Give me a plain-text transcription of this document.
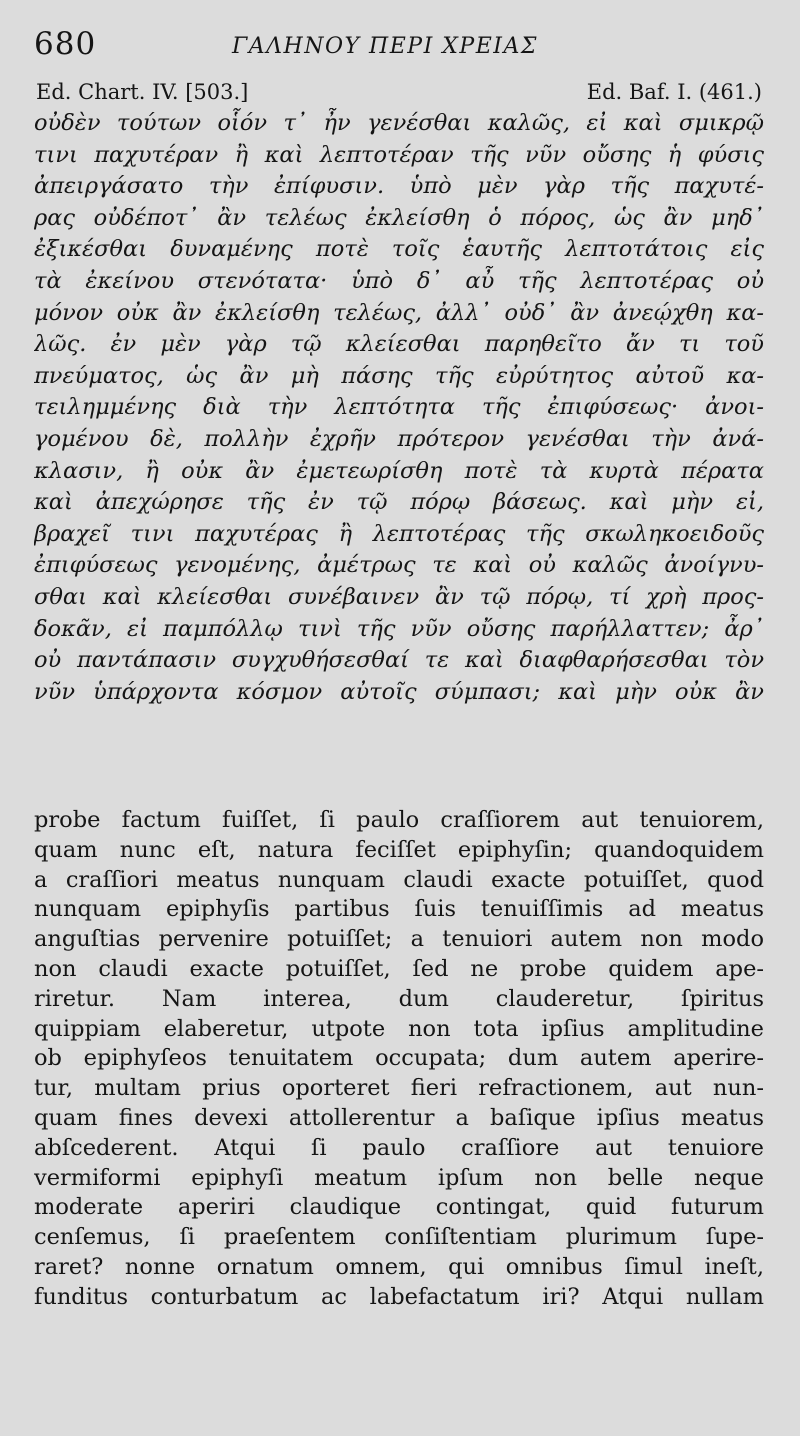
680	ΓΑΛΗΝΟΥ ΠΕΡΙ ΧΡΕΙΑΣ
Ed. Chart. IV. [503.]	Ed. Baf. I. (461.)
οὐδὲν τούτων οἷόν τ᾽ ἦν γενέσθαι καλῶς, εἰ καὶ σμικρῷ
τινι παχυτέραν ἢ καὶ λεπτοτέραν τῆς νῦν οὔσης ἡ φύσις
ἀπειργάσατο τὴν ἐπίφυσιν. ὑπὸ μὲν γὰρ τῆς παχυτέ-
ρας οὐδέποτ᾽ ἂν τελέως ἐκλείσθη ὁ πόρος, ὡς ἂν μηδ᾽
ἐξικέσθαι δυναμένης ποτὲ τοῖς ἑαυτῆς λεπτοτάτοις εἰς
τὰ ἐκείνου στενότατα· ὑπὸ δ᾽ αὖ τῆς λεπτοτέρας οὐ
μόνον οὐκ ἂν ἐκλείσθη τελέως, ἀλλ᾽ οὐδ᾽ ἂν ἀνεῴχθη κα-
λῶς. ἐν μὲν γὰρ τῷ κλείεσθαι παρηθεῖτο ἄν τι τοῦ
πνεύματος, ὡς ἂν μὴ πάσης τῆς εὐρύτητος αὐτοῦ κα-
τειλημμένης διὰ τὴν λεπτότητα τῆς ἐπιφύσεως· ἀνοι-
γομένου δὲ, πολλὴν ἐχρῆν πρότερον γενέσθαι τὴν ἀνά-
κλασιν, ἢ οὐκ ἂν ἐμετεωρίσθη ποτὲ τὰ κυρτὰ πέρατα
καὶ ἀπεχώρησε τῆς ἐν τῷ πόρῳ βάσεως. καὶ μὴν εἰ,
βραχεῖ τινι παχυτέρας ἢ λεπτοτέρας τῆς σκωληκοειδοῦς
ἐπιφύσεως γενομένης, ἀμέτρως τε καὶ οὐ καλῶς ἀνοίγνυ-
σθαι καὶ κλείεσθαι συνέβαινεν ἂν τῷ πόρῳ, τί χρὴ προς-
δοκᾶν, εἰ παμπόλλῳ τινὶ τῆς νῦν οὔσης παρήλλαττεν; ἆρ᾽
οὐ παντάπασιν συγχυθήσεσθαί τε καὶ διαφθαρήσεσθαι τὸν
νῦν ὑπάρχοντα κόσμον αὐτοῖς σύμπασι; καὶ μὴν οὐκ ἂν
probe factum fuiſſet, ſi paulo craſſiorem aut tenuiorem,
quam nunc eſt, natura feciſſet epiphyſin; quandoquidem
a craſſiori meatus nunquam claudi exacte potuiſſet, quod
nunquam epiphyſis partibus ſuis tenuiſſimis ad meatus
anguſtias pervenire potuiſſet; a tenuiori autem non modo
non claudi exacte potuiſſet, ſed ne probe quidem ape-
riretur. Nam interea, dum clauderetur, ſpiritus
quippiam elaberetur, utpote non tota ipſius amplitudine
ob epiphyſeos tenuitatem occupata; dum autem aperire-
tur, multam prius oporteret fieri refractionem, aut nun-
quam fines devexi attollerentur a baſique ipſius meatus
abſcederent. Atqui ſi paulo craſſiore aut tenuiore
vermiformi epiphyſi meatum ipſum non belle neque
moderate aperiri claudique contingat, quid futurum
cenſemus, ſi praeſentem conſiſtentiam plurimum ſupe-
raret? nonne ornatum omnem, qui omnibus ſimul ineſt,
funditus conturbatum ac labefactatum iri? Atqui nullam
